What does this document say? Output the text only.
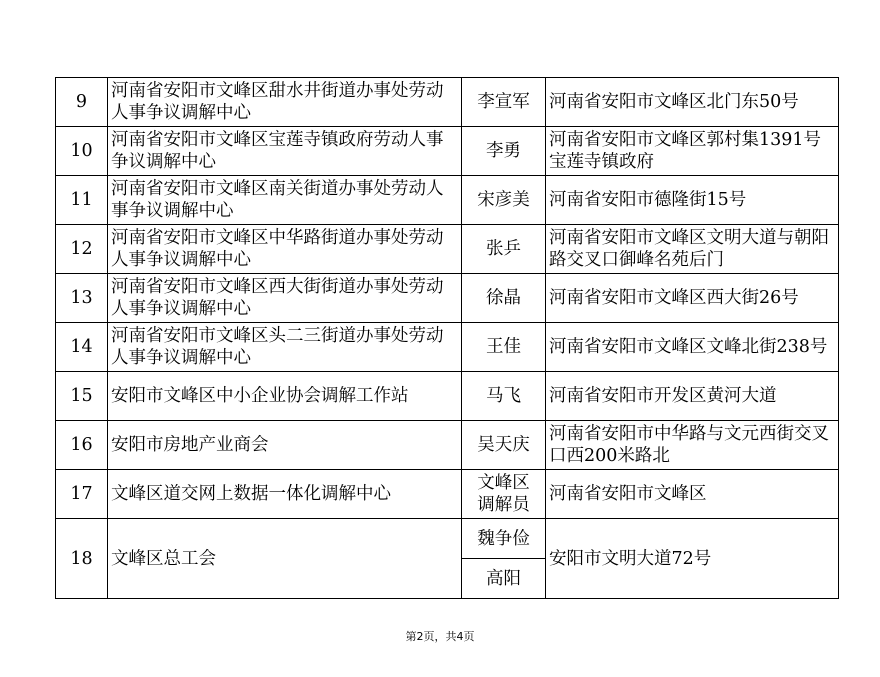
9	河南省安阳市文峰区甜水井街道办事处劳动人事争议调解中心	李宣军	河南省安阳市文峰区北门东50号
10	河南省安阳市文峰区宝莲寺镇政府劳动人事争议调解中心	李勇	河南省安阳市文峰区郭村集1391号宝莲寺镇政府
11	河南省安阳市文峰区南关街道办事处劳动人事争议调解中心	宋彦美	河南省安阳市德隆街15号
12	河南省安阳市文峰区中华路街道办事处劳动人事争议调解中心	张乒	河南省安阳市文峰区文明大道与朝阳路交叉口御峰名苑后门
13	河南省安阳市文峰区西大街街道办事处劳动人事争议调解中心	徐晶	河南省安阳市文峰区西大街26号
14	河南省安阳市文峰区头二三街道办事处劳动人事争议调解中心	王佳	河南省安阳市文峰区文峰北街238号
15	安阳市文峰区中小企业协会调解工作站	马飞	河南省安阳市开发区黄河大道
16	安阳市房地产业商会	吴天庆	河南省安阳市中华路与文元西街交叉口西200米路北
17	文峰区道交网上数据一体化调解中心	文峰区调解员	河南省安阳市文峰区
18	文峰区总工会	魏争俭	安阳市文明大道72号
		高阳	
第2页，共4页
